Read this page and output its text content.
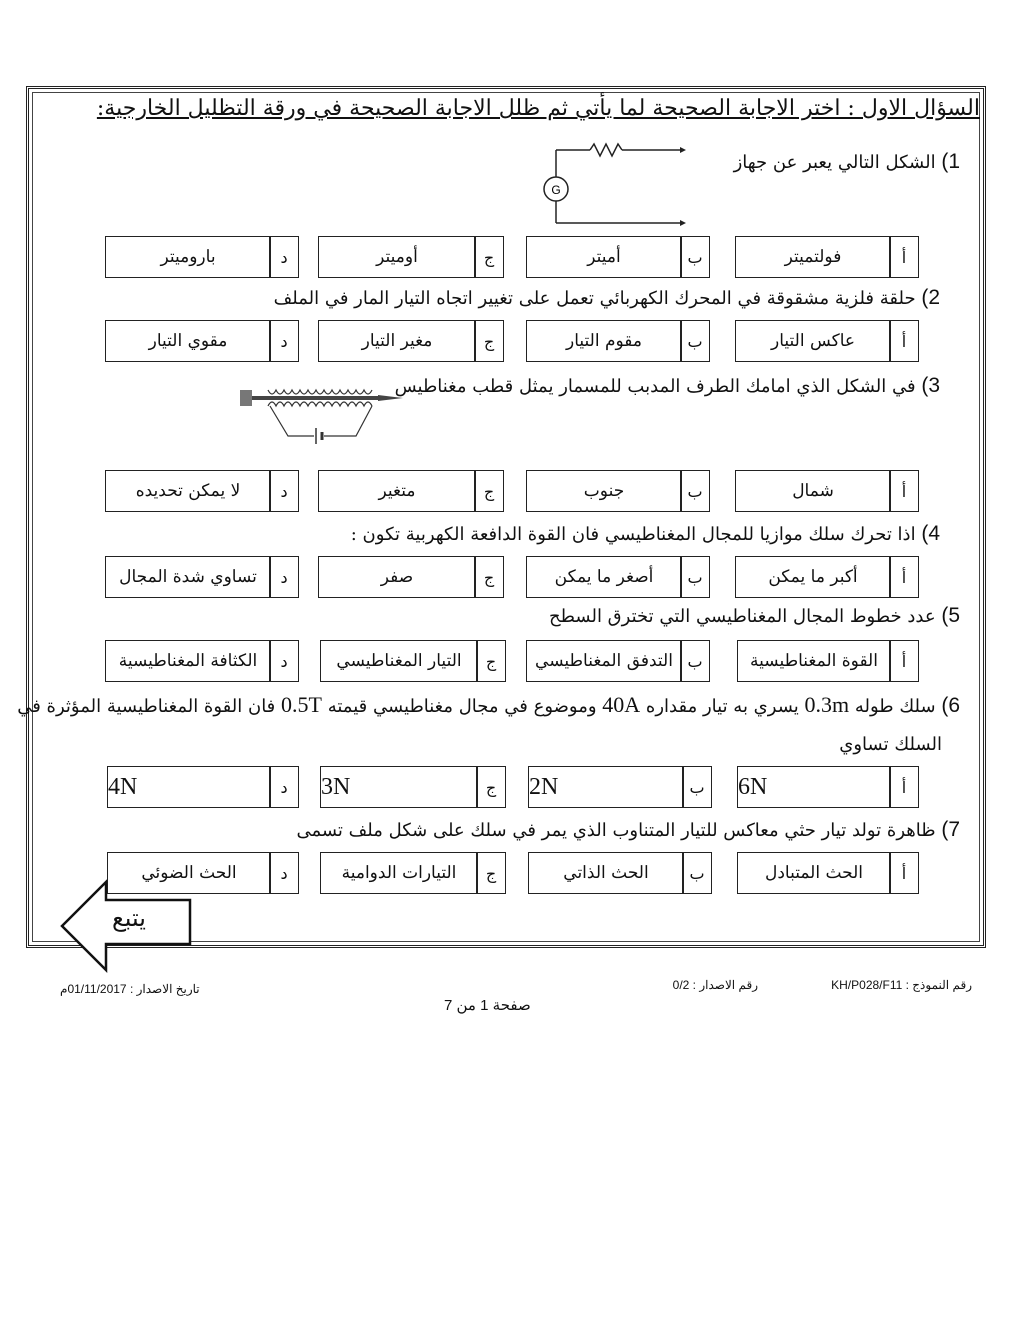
السؤال الاول : اختر الاجابة الصحيحة لما يأتي ثم ظلل الاجابة الصحيحة في ورقة التظليل الخارجية:
1) الشكل التالي يعبر عن جهاز
G
فولتميتر	أ
أميتر	ب
أوميتر	ج
باروميتر	د
2) حلقة فلزية مشقوقة في المحرك الكهربائي تعمل على تغيير اتجاه التيار المار في الملف
عاكس التيار	أ
مقوم التيار	ب
مغير التيار	ج
مقوي التيار	د
3) في الشكل الذي امامك الطرف المدبب للمسمار يمثل قطب مغناطيس
شمال	أ
جنوب	ب
متغير	ج
لا يمكن تحديده	د
4) اذا تحرك سلك موازيا للمجال المغناطيسي فان القوة الدافعة الكهربية تكون :
أكبر ما يمكن	أ
أصغر ما يمكن	ب
صفر	ج
تساوي شدة المجال	د
5) عدد خطوط المجال المغناطيسي التي تخترق السطح
القوة المغناطيسية	أ
التدفق المغناطيسي ب
التيار المغناطيسي	ج
الكثافة المغناطيسية	د
6) سلك طوله 0.3m يسري به تيار مقداره 40A وموضوع في مجال مغناطيسي قيمته 0.5T فان القوة المغناطيسية المؤثرة في
السلك تساوي
6N	أ
2N	ب
3N	ج
4N	د
7) ظاهرة تولد تيار حثي معاكس للتيار المتناوب الذي يمر في سلك على شكل ملف تسمى
الحث المتبادل	أ
الحث الذاتي	ب
التيارات الدوامية	ج
الحث الضوئي	د
يتبع
رقم النموذج : KH/P028/F11
رقم الاصدار : 0/2
تاريخ الاصدار : 01/11/2017م
صفحة 1 من 7
